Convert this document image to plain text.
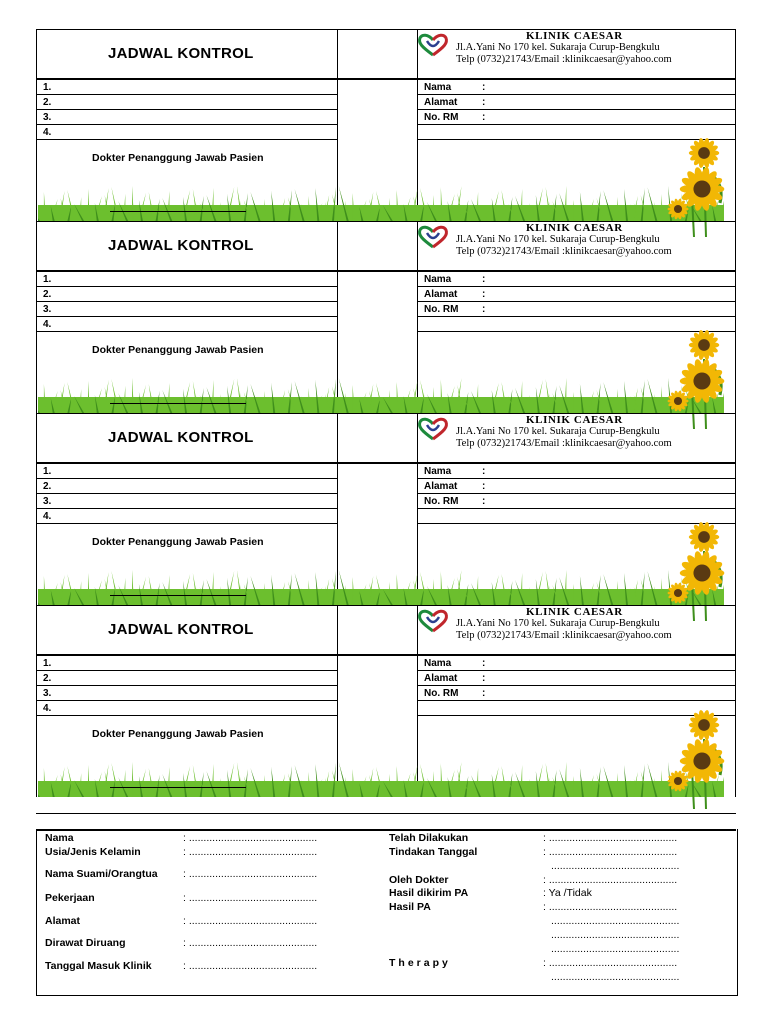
JADWAL KONTROL
KLINIK CAESAR
Jl.A.Yani No 170 kel. Sukaraja Curup-Bengkulu
Telp (0732)21743/Email :klinikcaesar@yahoo.com
1.
2.
3.
4.
Nama	:
Alamat :
No. RM :
Dokter Penanggung Jawab Pasien
JADWAL KONTROL
KLINIK CAESAR
Jl.A.Yani No 170 kel. Sukaraja Curup-Bengkulu
Telp (0732)21743/Email :klinikcaesar@yahoo.com
1.
2.
3.
4.
Nama	:
Alamat :
No. RM :
Dokter Penanggung Jawab Pasien
JADWAL KONTROL
KLINIK CAESAR
Jl.A.Yani No 170 kel. Sukaraja Curup-Bengkulu
Telp (0732)21743/Email :klinikcaesar@yahoo.com
1.
2.
3.
4.
Nama	:
Alamat :
No. RM :
Dokter Penanggung Jawab Pasien
JADWAL KONTROL
KLINIK CAESAR
Jl.A.Yani No 170 kel. Sukaraja Curup-Bengkulu
Telp (0732)21743/Email :klinikcaesar@yahoo.com
1.
2.
3.
4.
Nama	:
Alamat :
No. RM :
Dokter Penanggung Jawab Pasien
Nama	: ............................................
Usia/Jenis Kelamin	: ............................................
Nama Suami/Orangtua : ............................................
Pekerjaan	: ............................................
Alamat	: ............................................
Dirawat Diruang	: ............................................
Tanggal Masuk Klinik	: ............................................
Telah Dilakukan	: ............................................
Tindakan Tanggal	: ............................................
............................................
Oleh Dokter	: ............................................
Hasil dikirim PA	: Ya /Tidak
Hasil PA	: ............................................
............................................
............................................
............................................
Therapy	: ............................................
............................................
